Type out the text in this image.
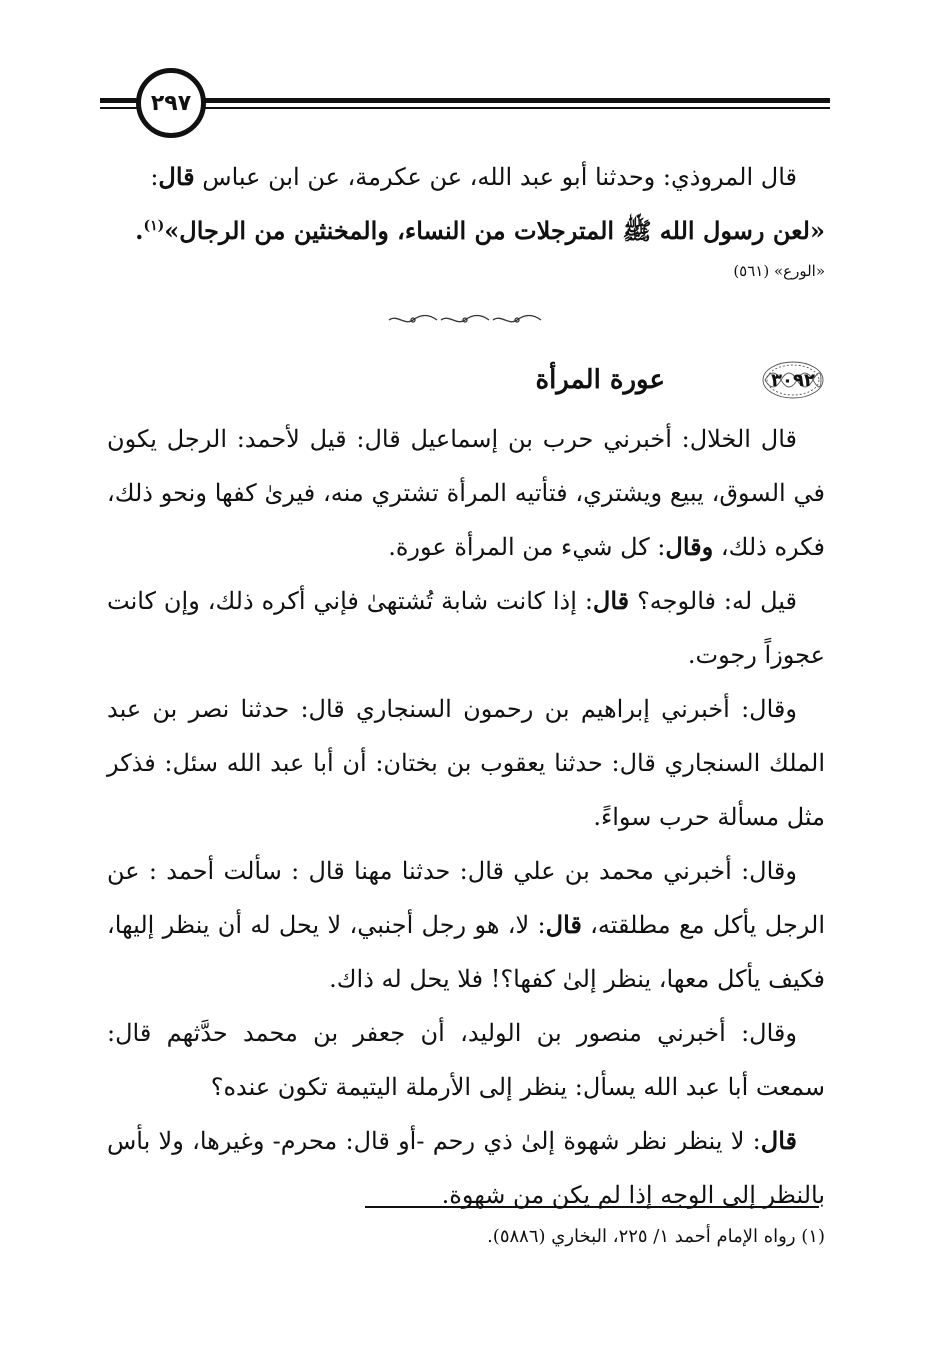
٢٩٧

قال المروذي: وحدثنا أبو عبد الله، عن عكرمة، عن ابن عباس قال:

«لعن رسول الله ﷺ المترجلات من النساء، والمخنثين من الرجال»$^{(١)}$.

«الورع» (٥٦١)

٣٠٩٢
عورة المرأة

قال الخلال: أخبرني حرب بن إسماعيل قال: قيل لأحمد: الرجل يكون في السوق، يبيع ويشتري، فتأتيه المرأة تشتري منه، فيرىٰ كفها ونحو ذلك، فكره ذلك، وقال: كل شيء من المرأة عورة.

قيل له: فالوجه؟ قال: إذا كانت شابة تُشتهىٰ فإني أكره ذلك، وإن كانت عجوزاً رجوت.

وقال: أخبرني إبراهيم بن رحمون السنجاري قال: حدثنا نصر بن عبد الملك السنجاري قال: حدثنا يعقوب بن بختان: أن أبا عبد الله سئل: فذكر مثل مسألة حرب سواءً.

وقال: أخبرني محمد بن علي قال: حدثنا مهنا قال : سألت أحمد : عن الرجل يأكل مع مطلقته، قال: لا، هو رجل أجنبي، لا يحل له أن ينظر إليها، فكيف يأكل معها، ينظر إلىٰ كفها؟! فلا يحل له ذاك.

وقال: أخبرني منصور بن الوليد، أن جعفر بن محمد حدَّثهم قال: سمعت أبا عبد الله يسأل: ينظر إلى الأرملة اليتيمة تكون عنده؟

قال: لا ينظر نظر شهوة إلىٰ ذي رحم -أو قال: محرم- وغيرها، ولا بأس بالنظر إلى الوجه إذا لم يكن من شهوة.

(١) رواه الإمام أحمد ١/ ٢٢٥، البخاري (٥٨٨٦).
